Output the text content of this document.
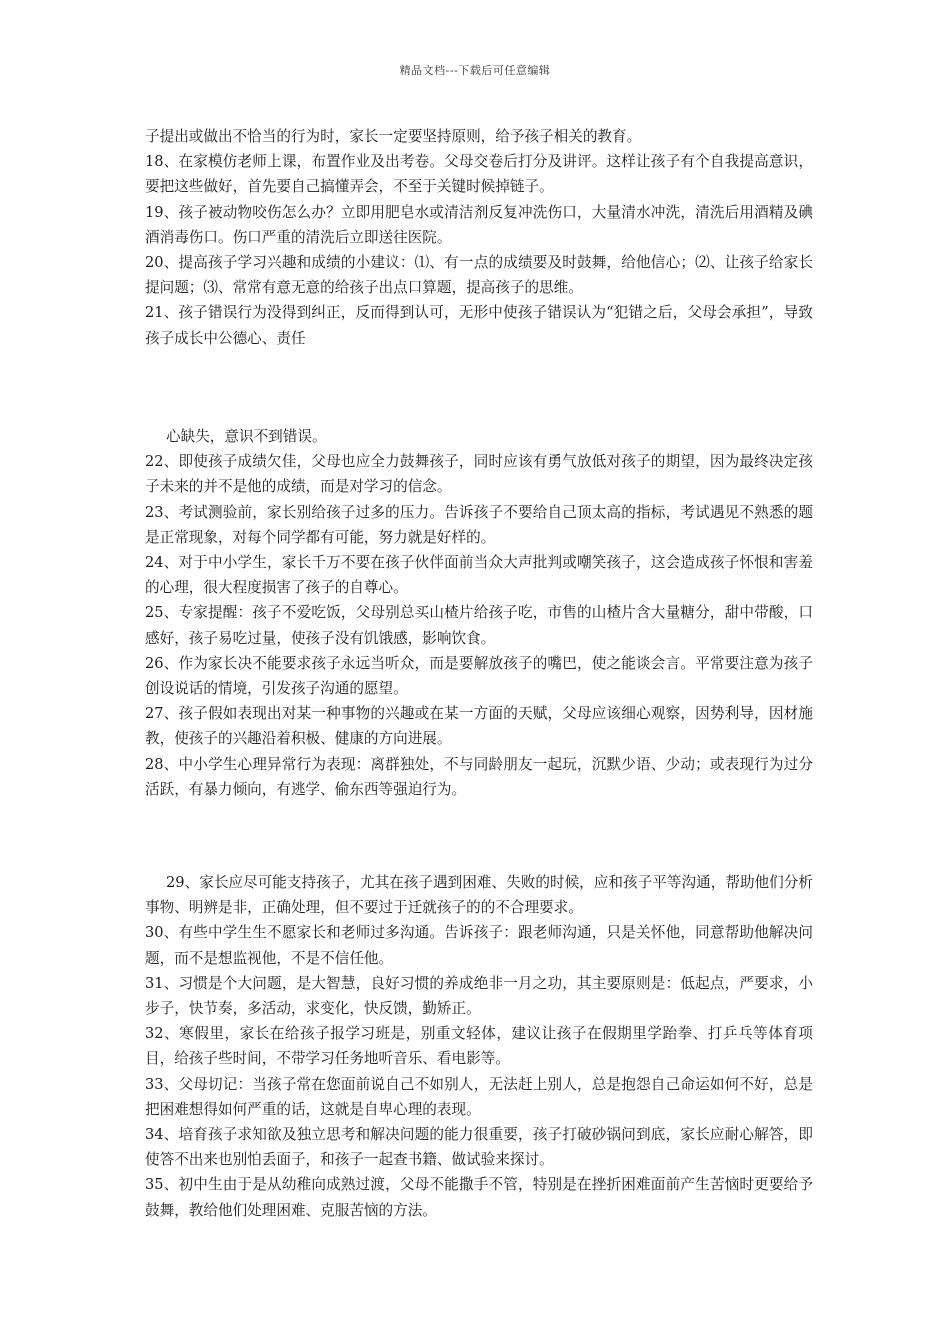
精品文档---下载后可任意编辑

子提出或做出不恰当的行为时，家长一定要坚持原则，给予孩子相关的教育。

18、在家模仿老师上课，布置作业及出考卷。父母交卷后打分及讲评。这样让孩子有个自我提高意识，要把这些做好，首先要自己搞懂弄会，不至于关键时候掉链子。

19、孩子被动物咬伤怎么办？立即用肥皂水或清洁剂反复冲洗伤口，大量清水冲洗，清洗后用酒精及碘酒消毒伤口。伤口严重的清洗后立即送往医院。

20、提高孩子学习兴趣和成绩的小建议：⑴、有一点的成绩要及时鼓舞，给他信心；⑵、让孩子给家长提问题；⑶、常常有意无意的给孩子出点口算题，提高孩子的思维。

21、孩子错误行为没得到纠正，反而得到认可，无形中使孩子错误认为“犯错之后，父母会承担”，导致孩子成长中公德心、责任

心缺失，意识不到错误。

22、即使孩子成绩欠佳，父母也应全力鼓舞孩子，同时应该有勇气放低对孩子的期望，因为最终决定孩子未来的并不是他的成绩，而是对学习的信念。

23、考试测验前，家长别给孩子过多的压力。告诉孩子不要给自己顶太高的指标，考试遇见不熟悉的题是正常现象，对每个同学都有可能，努力就是好样的。

24、对于中小学生，家长千万不要在孩子伙伴面前当众大声批判或嘲笑孩子，这会造成孩子怀恨和害羞的心理，很大程度损害了孩子的自尊心。

25、专家提醒：孩子不爱吃饭，父母别总买山楂片给孩子吃，市售的山楂片含大量糖分，甜中带酸，口感好，孩子易吃过量，使孩子没有饥饿感，影响饮食。

26、作为家长决不能要求孩子永远当听众，而是要解放孩子的嘴巴，使之能谈会言。平常要注意为孩子创设说话的情境，引发孩子沟通的愿望。

27、孩子假如表现出对某一种事物的兴趣或在某一方面的天赋，父母应该细心观察，因势利导，因材施教，使孩子的兴趣沿着积极、健康的方向进展。

28、中小学生心理异常行为表现：离群独处，不与同龄朋友一起玩，沉默少语、少动；或表现行为过分活跃，有暴力倾向，有逃学、偷东西等强迫行为。

29、家长应尽可能支持孩子，尤其在孩子遇到困难、失败的时候，应和孩子平等沟通，帮助他们分析事物、明辨是非，正确处理，但不要过于迁就孩子的的不合理要求。

30、有些中学生生不愿家长和老师过多沟通。告诉孩子：跟老师沟通，只是关怀他，同意帮助他解决问题，而不是想监视他，不是不信任他。

31、习惯是个大问题，是大智慧，良好习惯的养成绝非一月之功，其主要原则是：低起点，严要求，小步子，快节奏，多活动，求变化，快反馈，勤矫正。

32、寒假里，家长在给孩子报学习班是，别重文轻体，建议让孩子在假期里学跆拳、打乒乓等体育项目，给孩子些时间，不带学习任务地听音乐、看电影等。

33、父母切记：当孩子常在您面前说自己不如别人，无法赶上别人，总是抱怨自己命运如何不好，总是把困难想得如何严重的话，这就是自卑心理的表现。

34、培育孩子求知欲及独立思考和解决问题的能力很重要，孩子打破砂锅问到底，家长应耐心解答，即使答不出来也别怕丢面子，和孩子一起查书籍、做试验来探讨。

35、初中生由于是从幼稚向成熟过渡，父母不能撒手不管，特别是在挫折困难面前产生苦恼时更要给予鼓舞，教给他们处理困难、克服苦恼的方法。
